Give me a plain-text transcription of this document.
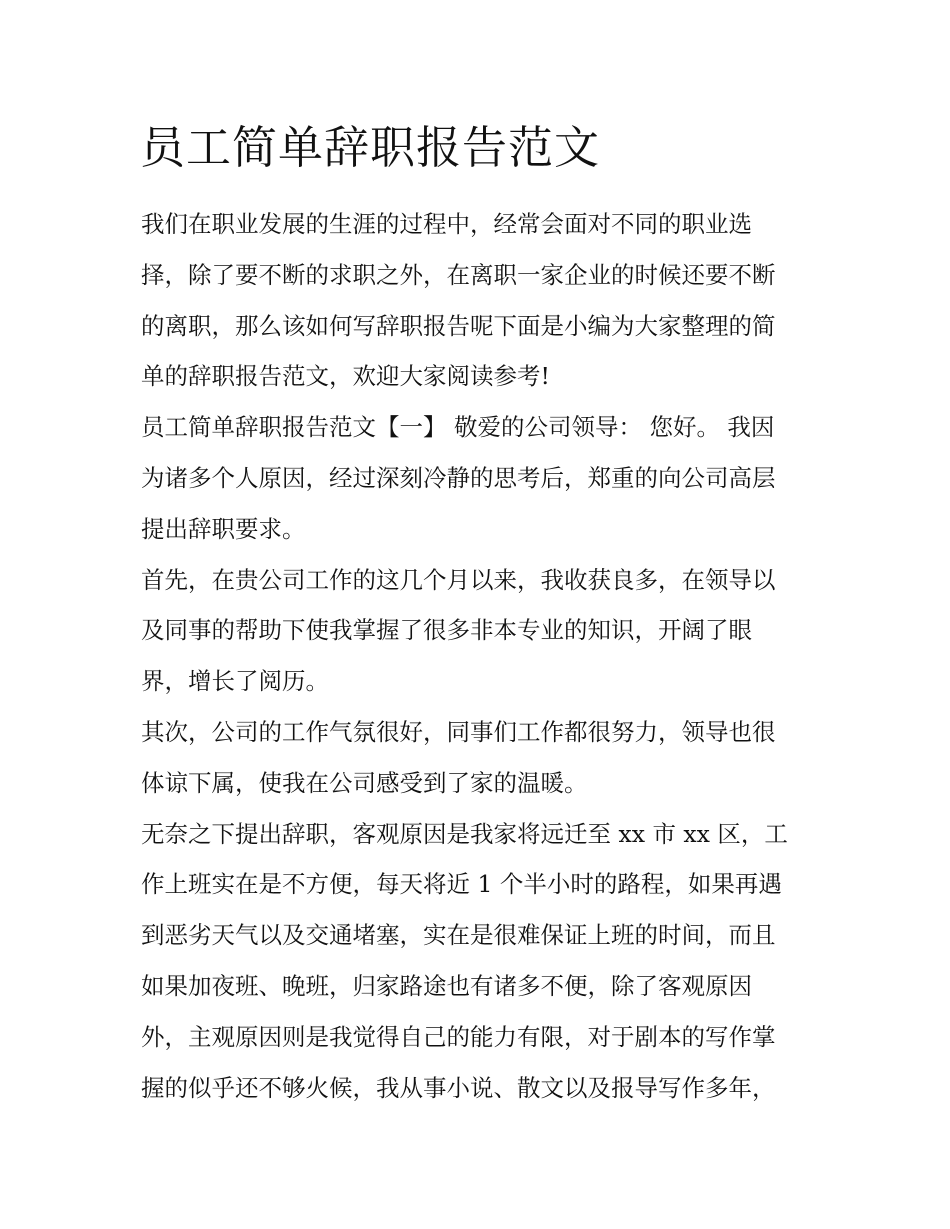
员工简单辞职报告范文
我们在职业发展的生涯的过程中，经常会面对不同的职业选
择，除了要不断的求职之外，在离职一家企业的时候还要不断
的离职，那么该如何写辞职报告呢下面是小编为大家整理的简
单的辞职报告范文，欢迎大家阅读参考!
员工简单辞职报告范文【一】 敬爱的公司领导： 您好。 我因
为诸多个人原因，经过深刻冷静的思考后，郑重的向公司高层
提出辞职要求。
首先，在贵公司工作的这几个月以来，我收获良多，在领导以
及同事的帮助下使我掌握了很多非本专业的知识，开阔了眼
界，增长了阅历。
其次，公司的工作气氛很好，同事们工作都很努力，领导也很
体谅下属，使我在公司感受到了家的温暖。
无奈之下提出辞职，客观原因是我家将远迁至 xx 市 xx 区，工
作上班实在是不方便，每天将近 1 个半小时的路程，如果再遇
到恶劣天气以及交通堵塞，实在是很难保证上班的时间，而且
如果加夜班、晚班，归家路途也有诸多不便，除了客观原因
外，主观原因则是我觉得自己的能力有限，对于剧本的写作掌
握的似乎还不够火候，我从事小说、散文以及报导写作多年，
